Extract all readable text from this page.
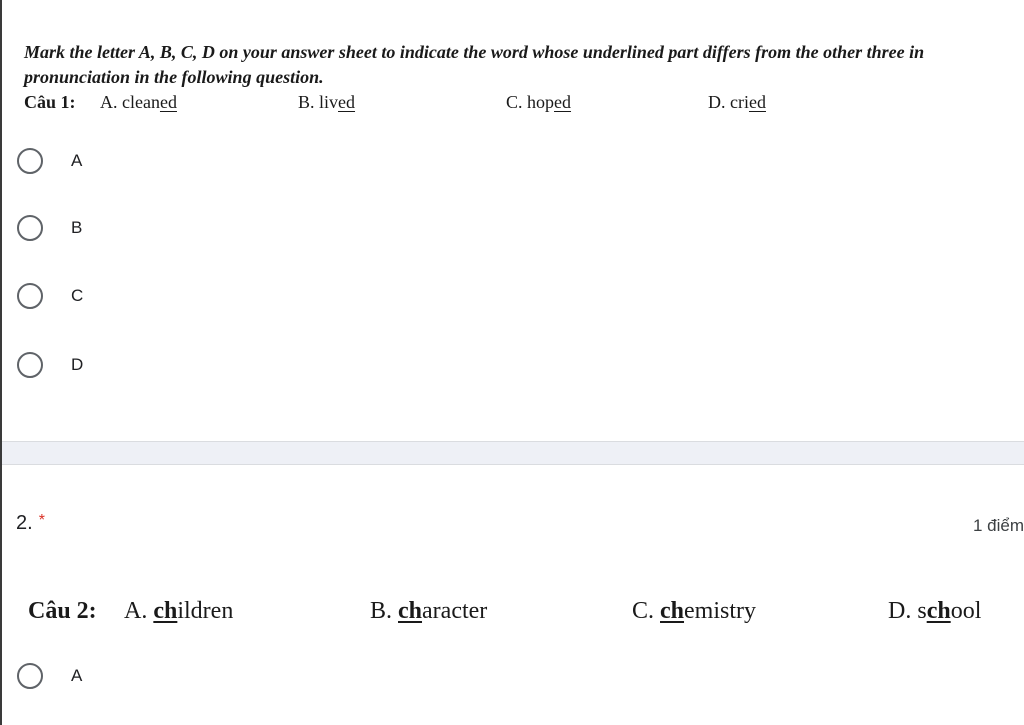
Mark the letter A, B, C, D on your answer sheet to indicate the word whose underlined part differs from the other three in pronunciation in the following question.
Câu 1: A. cleaned	B. lived	C. hoped	D. cried
A
B
C
D
2. *	1 điểm
Câu 2: A. children	B. character	C. chemistry	D. school
A
